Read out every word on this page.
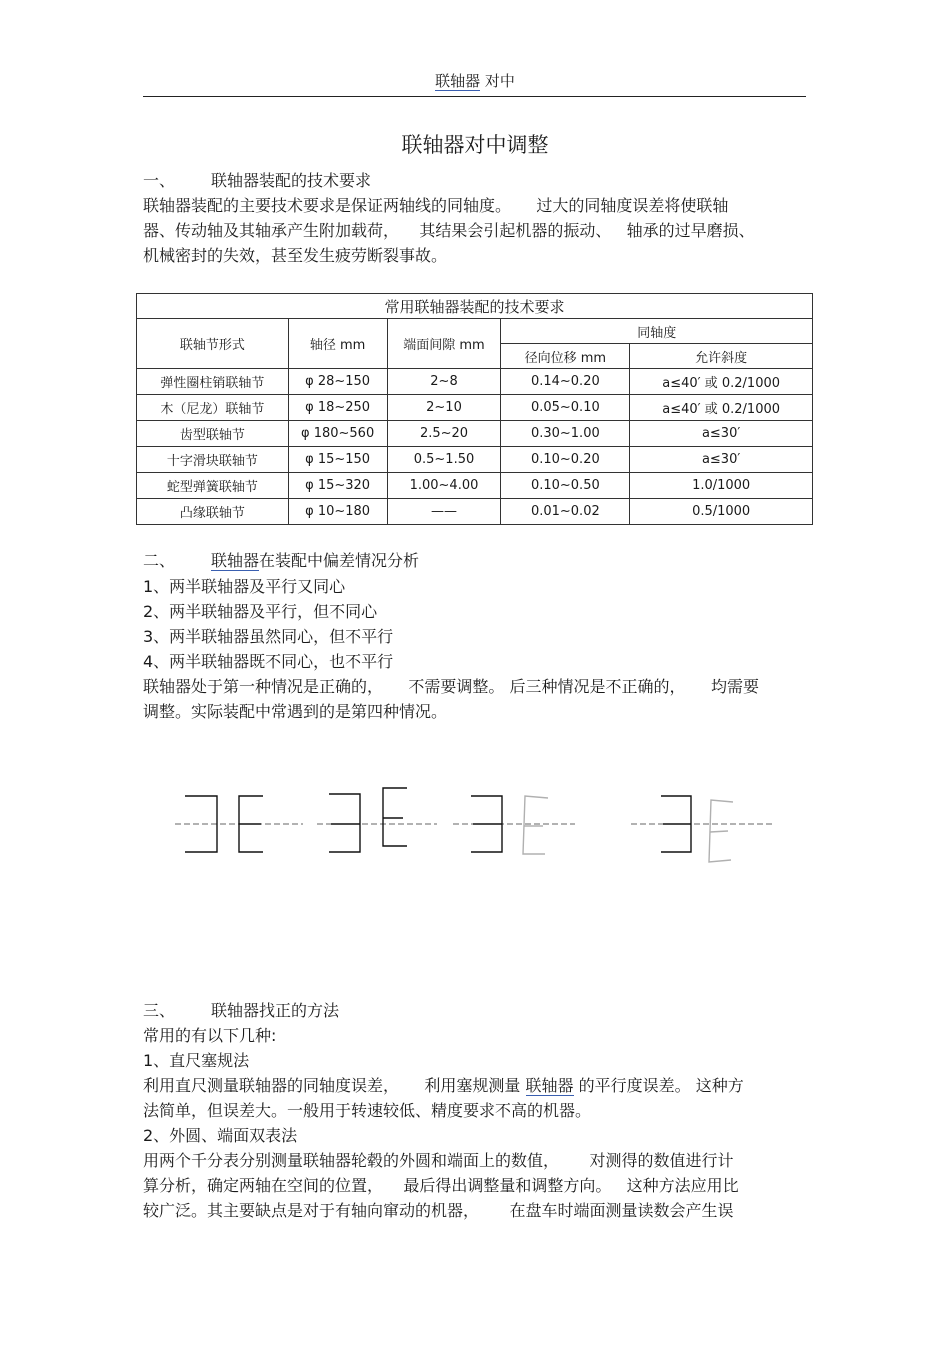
联轴器 对中
联轴器对中调整
一、 联轴器装配的技术要求
联轴器装配的主要技术要求是保证两轴线的同轴度。     过大的同轴度误差将使联轴
器、传动轴及其轴承产生附加载荷，    其结果会引起机器的振动、   轴承的过早磨损、
机械密封的失效，甚至发生疲劳断裂事故。
常用联轴器装配的技术要求				
联轴节形式	轴径 mm	端面间隙 mm	同轴度	
			径向位移 mm	允许斜度
弹性圈柱销联轴节	φ 28~150	2~8	0.14~0.20	a≤40′ 或 0.2/1000
木（尼龙）联轴节	φ 18~250	2~10	0.05~0.10	a≤40′ 或 0.2/1000
齿型联轴节	φ 180~560	2.5~20	0.30~1.00	a≤30′
十字滑块联轴节	φ 15~150	0.5~1.50	0.10~0.20	a≤30′
蛇型弹簧联轴节	φ 15~320	1.00~4.00	0.10~0.50	1.0/1000
凸缘联轴节	φ 10~180	——	0.01~0.02	0.5/1000
二、 联轴器在装配中偏差情况分析
1、两半联轴器及平行又同心
2、两半联轴器及平行，但不同心
3、两半联轴器虽然同心，但不平行
4、两半联轴器既不同心，也不平行
联轴器处于第一种情况是正确的，     不需要调整。 后三种情况是不正确的，     均需要
调整。实际装配中常遇到的是第四种情况。
三、 联轴器找正的方法
常用的有以下几种:
1、直尺塞规法
利用直尺测量联轴器的同轴度误差，     利用塞规测量 联轴器 的平行度误差。 这种方
法简单，但误差大。一般用于转速较低、精度要求不高的机器。
2、外圆、端面双表法
用两个千分表分别测量联轴器轮毂的外圆和端面上的数值，      对测得的数值进行计
算分析，确定两轴在空间的位置，    最后得出调整量和调整方向。   这种方法应用比
较广泛。其主要缺点是对于有轴向窜动的机器，      在盘车时端面测量读数会产生误
